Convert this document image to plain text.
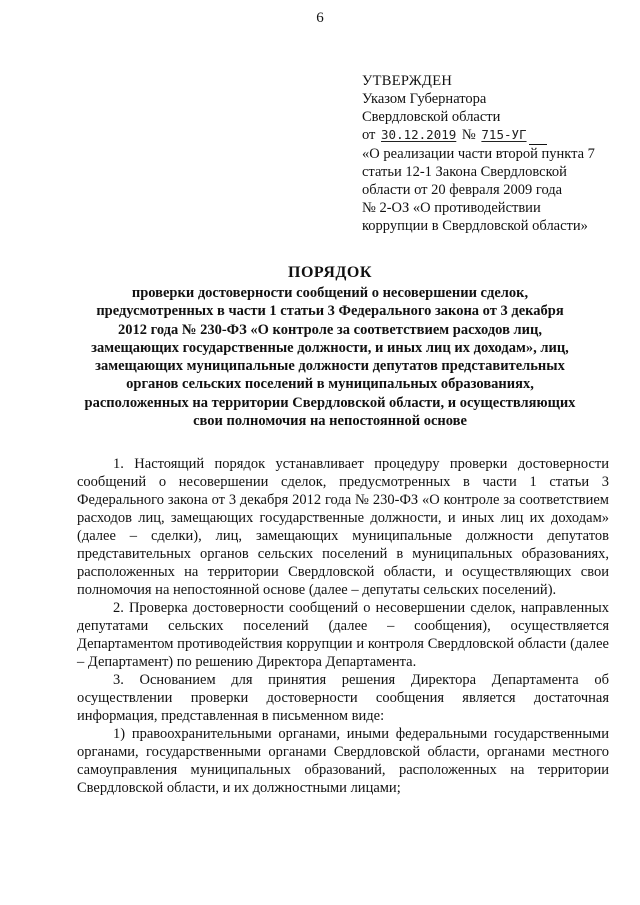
6
УТВЕРЖДЕН
Указом Губернатора
Свердловской области
от 30.12.2019 № 715-УГ
«О реализации части второй пункта 7
статьи 12-1 Закона Свердловской
области от 20 февраля 2009 года
№ 2-ОЗ «О противодействии
коррупции в Свердловской области»
ПОРЯДОК
проверки достоверности сообщений о несовершении сделок,
предусмотренных в части 1 статьи 3 Федерального закона от 3 декабря
2012 года № 230-ФЗ «О контроле за соответствием расходов лиц,
замещающих государственные должности, и иных лиц их доходам», лиц,
замещающих муниципальные должности депутатов представительных
органов сельских поселений в муниципальных образованиях,
расположенных на территории Свердловской области, и осуществляющих
свои полномочия на непостоянной основе

1. Настоящий порядок устанавливает процедуру проверки достоверности сообщений о несовершении сделок, предусмотренных в части 1 статьи 3 Федерального закона от 3 декабря 2012 года № 230-ФЗ «О контроле за соответствием расходов лиц, замещающих государственные должности, и иных лиц их доходам» (далее – сделки), лиц, замещающих муниципальные должности депутатов представительных органов сельских поселений в муниципальных образованиях, расположенных на территории Свердловской области, и осуществляющих свои полномочия на непостоянной основе (далее – депутаты сельских поселений).

2. Проверка достоверности сообщений о несовершении сделок, направленных депутатами сельских поселений (далее – сообщения), осуществляется Департаментом противодействия коррупции и контроля Свердловской области (далее – Департамент) по решению Директора Департамента.

3. Основанием для принятия решения Директора Департамента об осуществлении проверки достоверности сообщения является достаточная информация, представленная в письменном виде:

1) правоохранительными органами, иными федеральными государственными органами, государственными органами Свердловской области, органами местного самоуправления муниципальных образований, расположенных на территории Свердловской области, и их должностными лицами;
